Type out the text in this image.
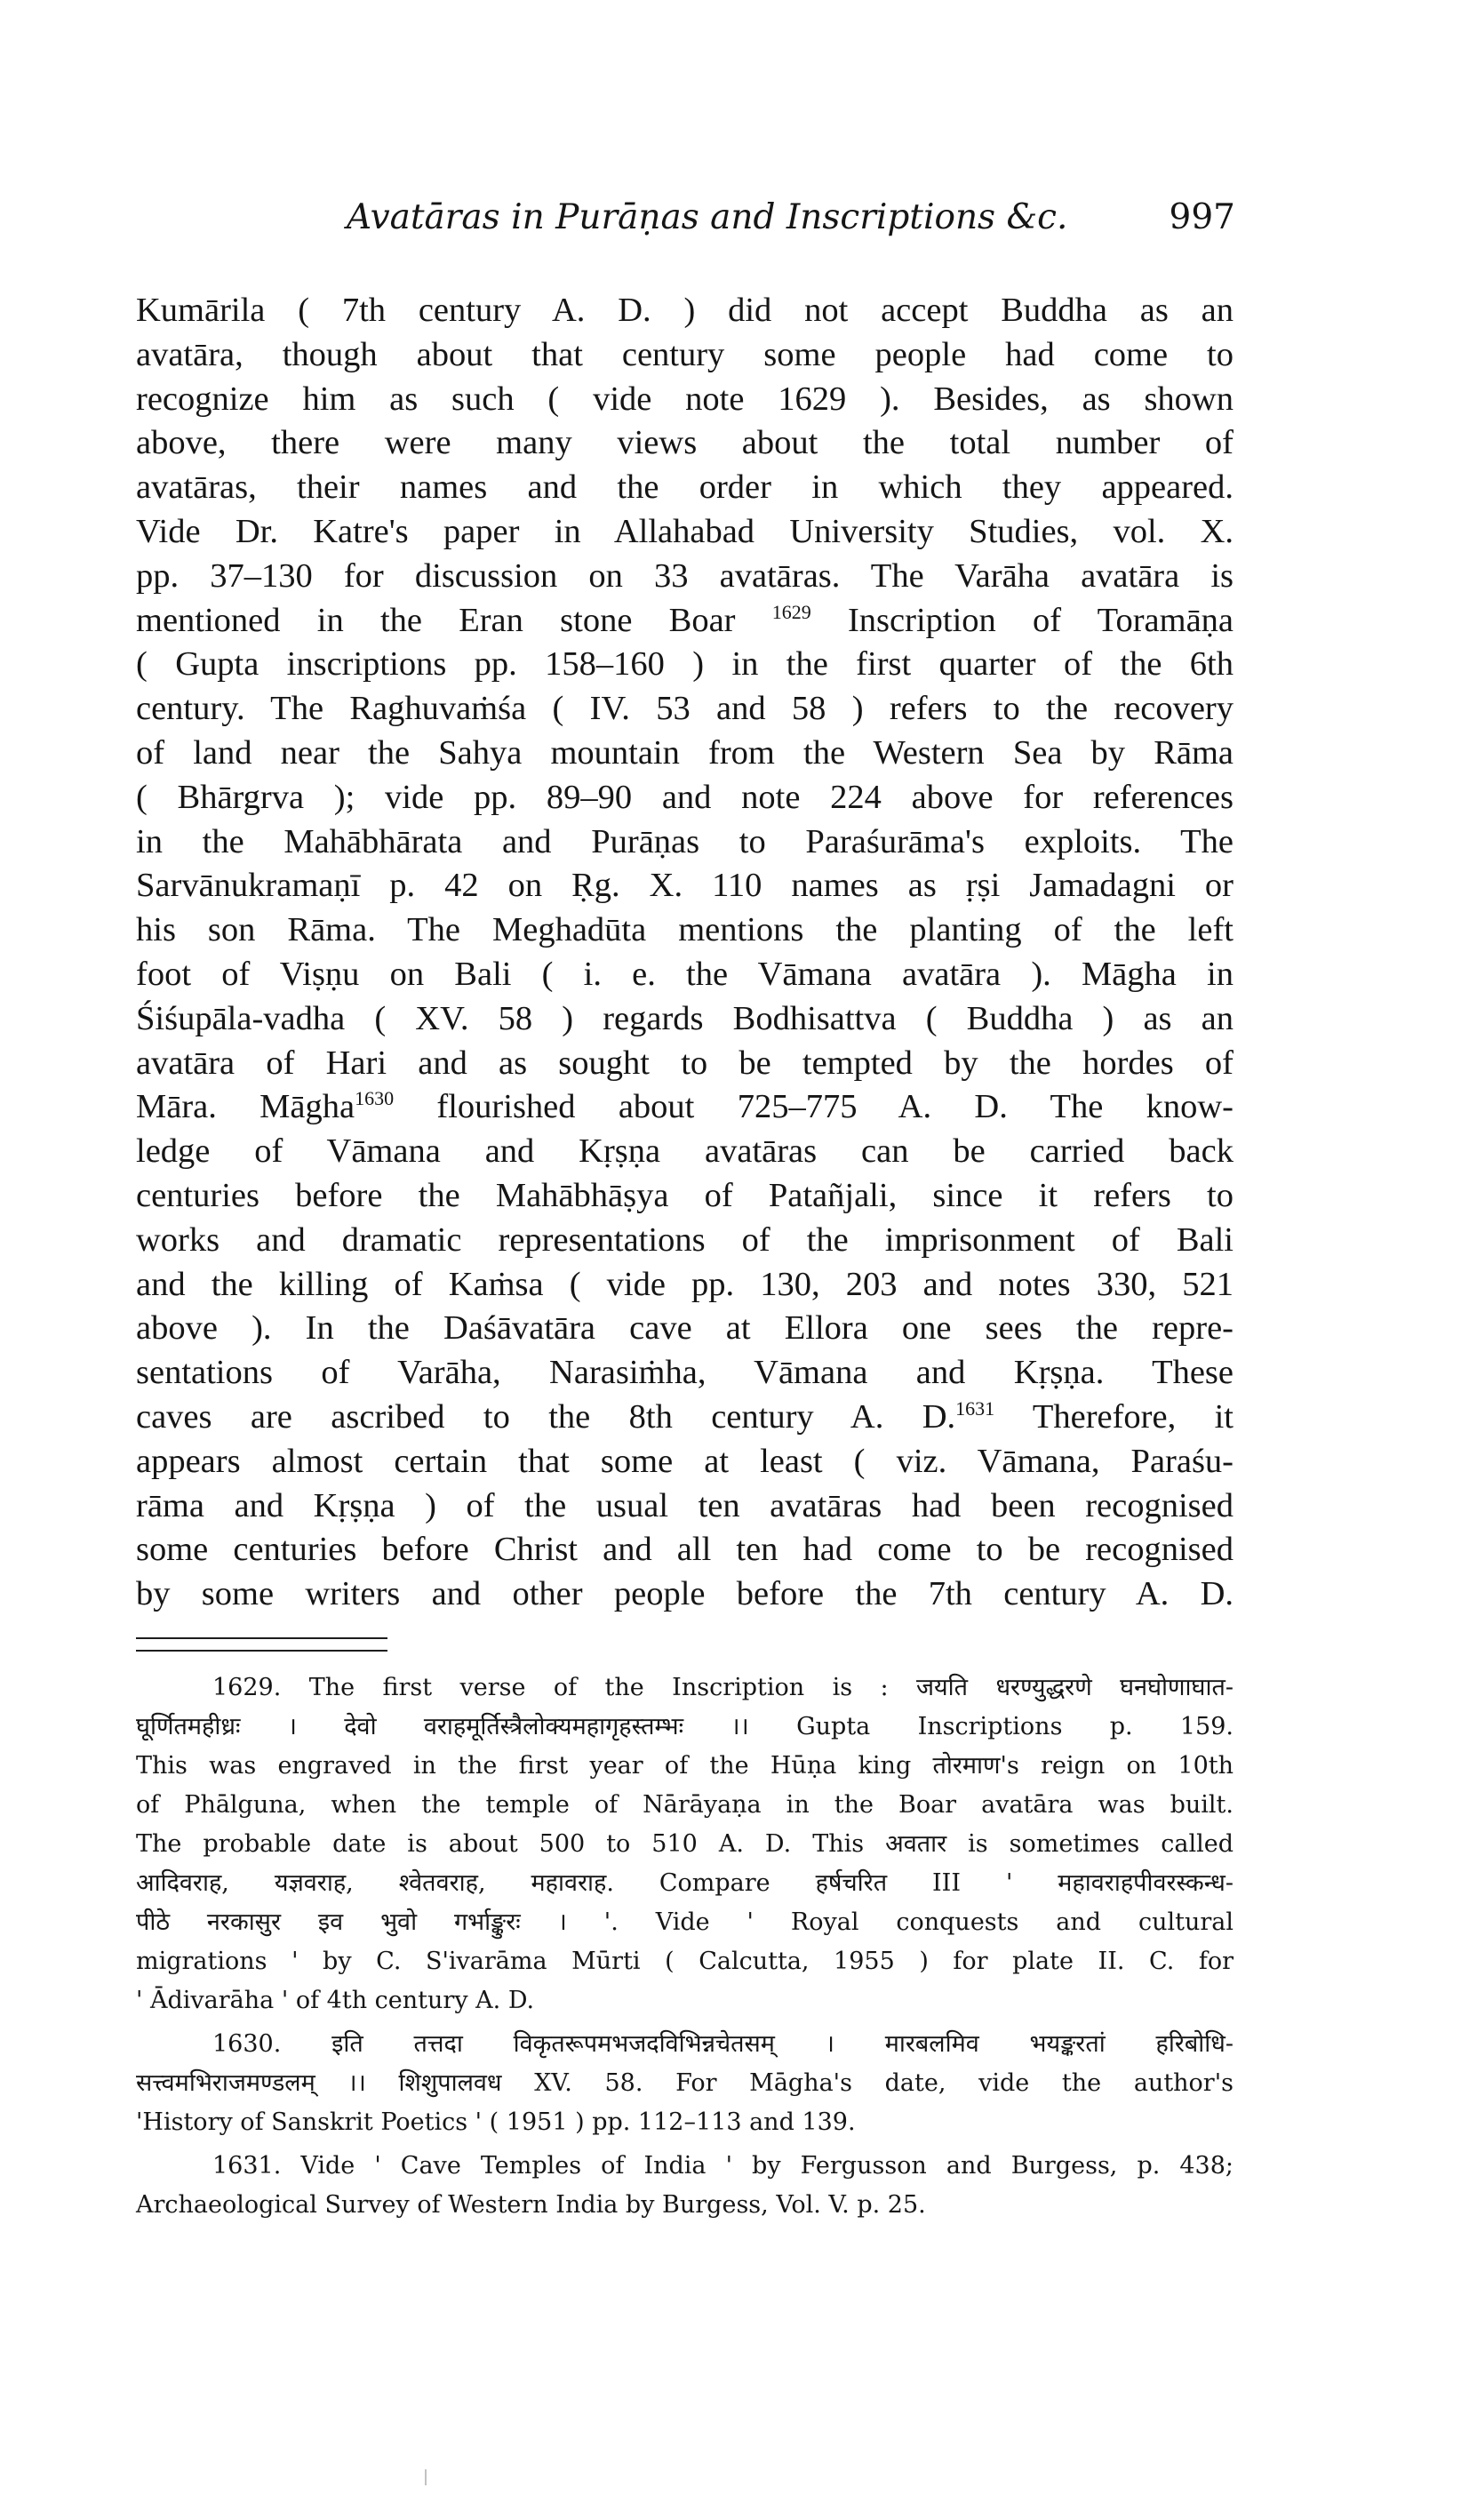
Avatāras in Purāṇas and Inscriptions &c.	997
Kumārila ( 7th century A. D. ) did not accept Buddha as an
avatāra, though about that century some people had come to
recognize him as such ( vide note 1629 ). Besides, as shown
above, there were many views about the total number of
avatāras, their names and the order in which they appeared.
Vide Dr. Katre's paper in Allahabad University Studies, vol. X.
pp. 37–130 for discussion on 33 avatāras. The Varāha avatāra is
mentioned in the Eran stone Boar $^{1629}$ Inscription of Toramāṇa
( Gupta inscriptions pp. 158–160 ) in the first quarter of the 6th
century. The Raghuvaṁśa ( IV. 53 and 58 ) refers to the recovery
of land near the Sahya mountain from the Western Sea by Rāma
( Bhārgrva ); vide pp. 89–90 and note 224 above for references
in the Mahābhārata and Purāṇas to Paraśurāma's exploits. The
Sarvānukramaṇī p. 42 on Ṛg. X. 110 names as ṛṣi Jamadagni or
his son Rāma. The Meghadūta mentions the planting of the left
foot of Viṣṇu on Bali ( i. e. the Vāmana avatāra ). Māgha in
Śiśupāla-vadha ( XV. 58 ) regards Bodhisattva ( Buddha ) as an
avatāra of Hari and as sought to be tempted by the hordes of
Māra. Māgha$^{1630}$ flourished about 725–775 A. D. The know-
ledge of Vāmana and Kṛṣṇa avatāras can be carried back
centuries before the Mahābhāṣya of Patañjali, since it refers to
works and dramatic representations of the imprisonment of Bali
and the killing of Kaṁsa ( vide pp. 130, 203 and notes 330, 521
above ). In the Daśāvatāra cave at Ellora one sees the repre-
sentations of Varāha, Narasiṁha, Vāmana and Kṛṣṇa. These
caves are ascribed to the 8th century A. D.$^{1631}$ Therefore, it
appears almost certain that some at least ( viz. Vāmana, Paraśu-
rāma and Kṛṣṇa ) of the usual ten avatāras had been recognised
some centuries before Christ and all ten had come to be recognised
by some writers and other people before the 7th century A. D.
1629. The first verse of the Inscription is : जयति धरण्युद्धरणे घनघोणाघात-
घूर्णितमहीध्रः । देवो वराहमूर्तिस्त्रैलोक्यमहागृहस्तम्भः ।। Gupta Inscriptions p. 159.
This was engraved in the first year of the Hūṇa king तोरमाण's reign on 10th
of Phālguna, when the temple of Nārāyaṇa in the Boar avatāra was built.
The probable date is about 500 to 510 A. D. This अवतार is sometimes called
आदिवराह, यज्ञवराह, श्वेतवराह, महावराह. Compare हर्षचरित III ' महावराहपीवरस्कन्ध-
पीठे नरकासुर इव भुवो गर्भाङ्कुरः । '. Vide ' Royal conquests and cultural
migrations ' by C. S'ivarāma Mūrti ( Calcutta, 1955 ) for plate II. C. for
' Ādivarāha ' of 4th century A. D.
1630. इति तत्तदा विकृतरूपमभजदविभिन्नचेतसम् । मारबलमिव भयङ्करतां हरिबोधि-
सत्त्वमभिराजमण्डलम् ।। शिशुपालवध XV. 58. For Māgha's date, vide the author's
'History of Sanskrit Poetics ' ( 1951 ) pp. 112–113 and 139.
1631. Vide ' Cave Temples of India ' by Fergusson and Burgess, p. 438;
Archaeological Survey of Western India by Burgess, Vol. V. p. 25.
